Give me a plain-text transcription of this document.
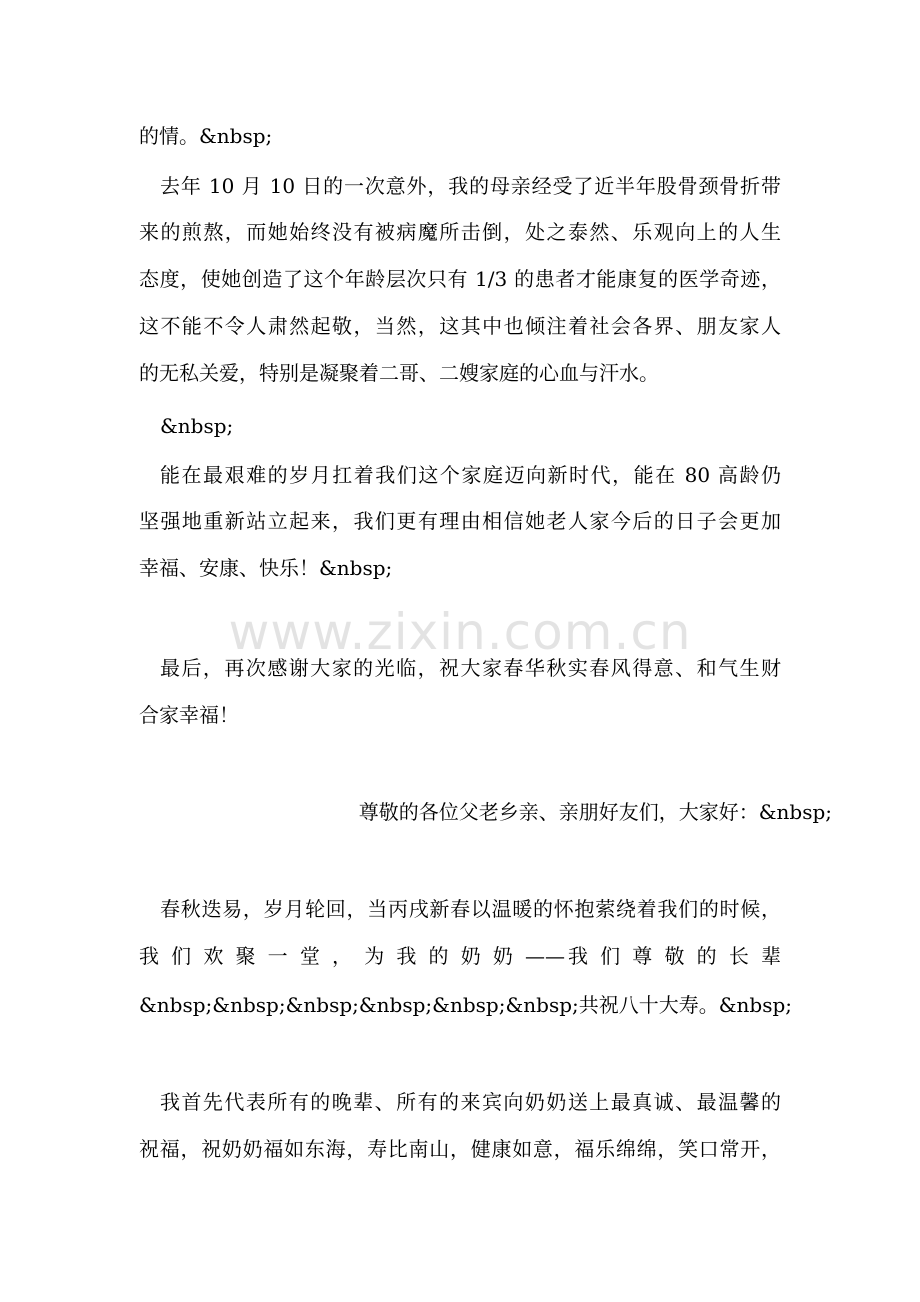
www.zixin.com.cn
的情。&nbsp;
去年 10 月 10 日的一次意外，我的母亲经受了近半年股骨颈骨折带
来的煎熬，而她始终没有被病魔所击倒，处之泰然、乐观向上的人生
态度，使她创造了这个年龄层次只有 1/3 的患者才能康复的医学奇迹，
这不能不令人肃然起敬，当然，这其中也倾注着社会各界、朋友家人
的无私关爱，特别是凝聚着二哥、二嫂家庭的心血与汗水。
&nbsp;
能在最艰难的岁月扛着我们这个家庭迈向新时代，能在 80 高龄仍
坚强地重新站立起来，我们更有理由相信她老人家今后的日子会更加
幸福、安康、快乐！&nbsp;
最后，再次感谢大家的光临，祝大家春华秋实春风得意、和气生财
合家幸福！
尊敬的各位父老乡亲、亲朋好友们，大家好：&nbsp;
春秋迭易，岁月轮回，当丙戌新春以温暖的怀抱萦绕着我们的时候，
我 们 欢 聚 一 堂 ， 为 我 的 奶 奶 ——我 们 尊 敬 的 长 辈
&nbsp;&nbsp;&nbsp;&nbsp;&nbsp;&nbsp;共祝八十大寿。&nbsp;
我首先代表所有的晚辈、所有的来宾向奶奶送上最真诚、最温馨的
祝福，祝奶奶福如东海，寿比南山，健康如意，福乐绵绵，笑口常开，
